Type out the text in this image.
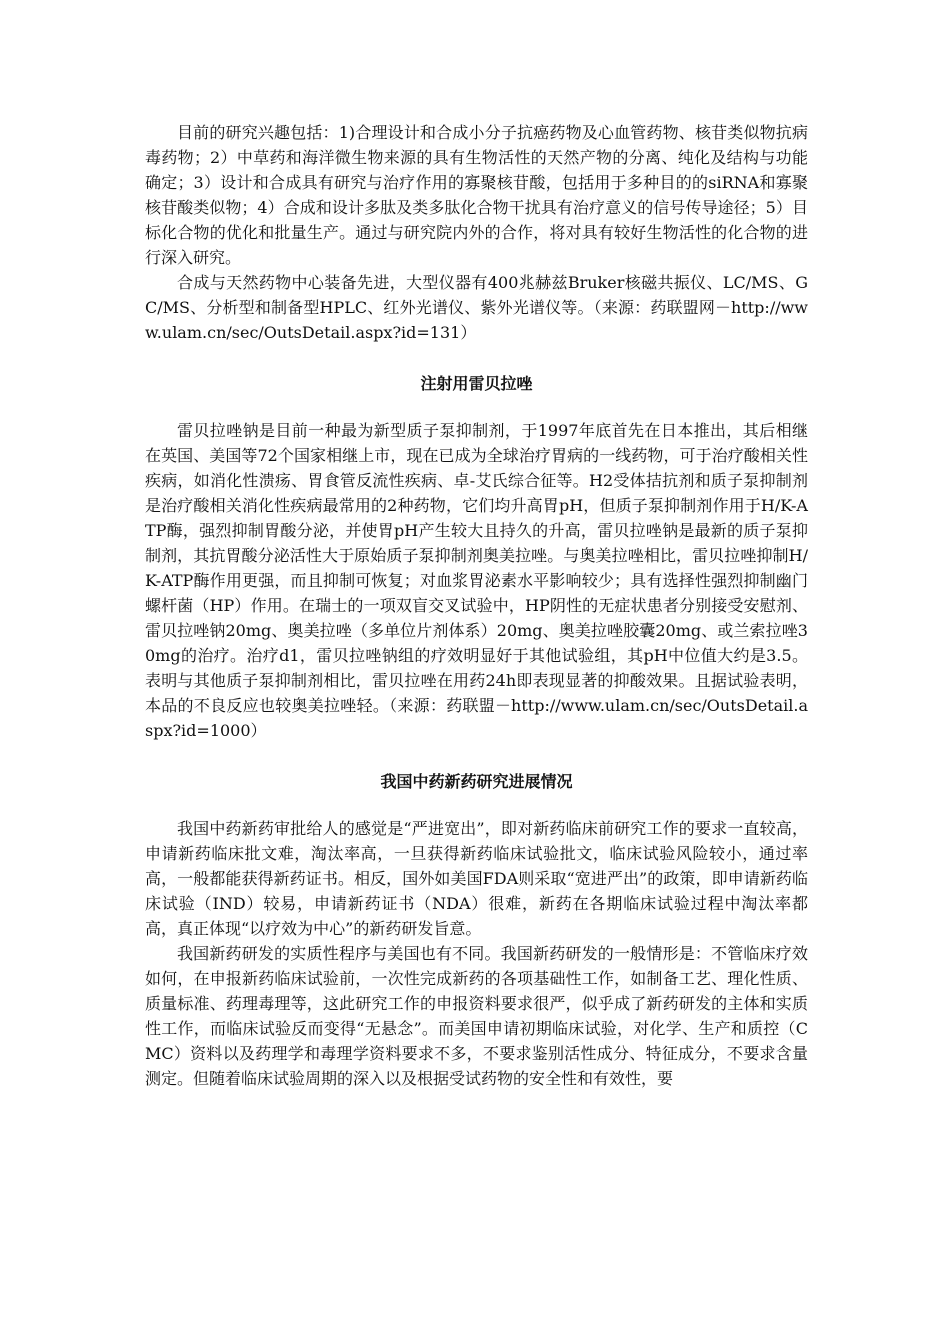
目前的研究兴趣包括：1)合理设计和合成小分子抗癌药物及心血管药物、核苷类似物抗病毒药物；2）中草药和海洋微生物来源的具有生物活性的天然产物的分离、纯化及结构与功能确定；3）设计和合成具有研究与治疗作用的寡聚核苷酸，包括用于多种目的的siRNA和寡聚核苷酸类似物；4）合成和设计多肽及类多肽化合物干扰具有治疗意义的信号传导途径；5）目标化合物的优化和批量生产。通过与研究院内外的合作，将对具有较好生物活性的化合物的进行深入研究。

合成与天然药物中心装备先进，大型仪器有400兆赫兹Bruker核磁共振仪、LC/MS、GC/MS、分析型和制备型HPLC、红外光谱仪、紫外光谱仪等。（来源：药联盟网－http://www.ulam.cn/sec/OutsDetail.aspx?id=131）

注射用雷贝拉唑

雷贝拉唑钠是目前一种最为新型质子泵抑制剂，于1997年底首先在日本推出，其后相继在英国、美国等72个国家相继上市，现在已成为全球治疗胃病的一线药物，可于治疗酸相关性疾病，如消化性溃疡、胃食管反流性疾病、卓-艾氏综合征等。H2受体拮抗剂和质子泵抑制剂是治疗酸相关消化性疾病最常用的2种药物，它们均升高胃pH，但质子泵抑制剂作用于H/K-ATP酶，强烈抑制胃酸分泌，并使胃pH产生较大且持久的升高，雷贝拉唑钠是最新的质子泵抑制剂，其抗胃酸分泌活性大于原始质子泵抑制剂奥美拉唑。与奥美拉唑相比，雷贝拉唑抑制H/K-ATP酶作用更强，而且抑制可恢复；对血浆胃泌素水平影响较少；具有选择性强烈抑制幽门螺杆菌（HP）作用。在瑞士的一项双盲交叉试验中，HP阴性的无症状患者分别接受安慰剂、雷贝拉唑钠20mg、奥美拉唑（多单位片剂体系）20mg、奥美拉唑胶囊20mg、或兰索拉唑30mg的治疗。治疗d1，雷贝拉唑钠组的疗效明显好于其他试验组，其pH中位值大约是3.5。表明与其他质子泵抑制剂相比，雷贝拉唑在用药24h即表现显著的抑酸效果。且据试验表明，本品的不良反应也较奥美拉唑轻。（来源：药联盟－http://www.ulam.cn/sec/OutsDetail.aspx?id=1000）

我国中药新药研究进展情况

我国中药新药审批给人的感觉是“严进宽出”，即对新药临床前研究工作的要求一直较高，申请新药临床批文难，淘汰率高，一旦获得新药临床试验批文，临床试验风险较小，通过率高，一般都能获得新药证书。相反，国外如美国FDA则采取“宽进严出”的政策，即申请新药临床试验（IND）较易，申请新药证书（NDA）很难，新药在各期临床试验过程中淘汰率都高，真正体现“以疗效为中心”的新药研发旨意。

我国新药研发的实质性程序与美国也有不同。我国新药研发的一般情形是：不管临床疗效如何，在申报新药临床试验前，一次性完成新药的各项基础性工作，如制备工艺、理化性质、质量标准、药理毒理等，这此研究工作的申报资料要求很严，似乎成了新药研发的主体和实质性工作，而临床试验反而变得“无悬念”。而美国申请初期临床试验，对化学、生产和质控（CMC）资料以及药理学和毒理学资料要求不多，不要求鉴别活性成分、特征成分，不要求含量测定。但随着临床试验周期的深入以及根据受试药物的安全性和有效性，要
